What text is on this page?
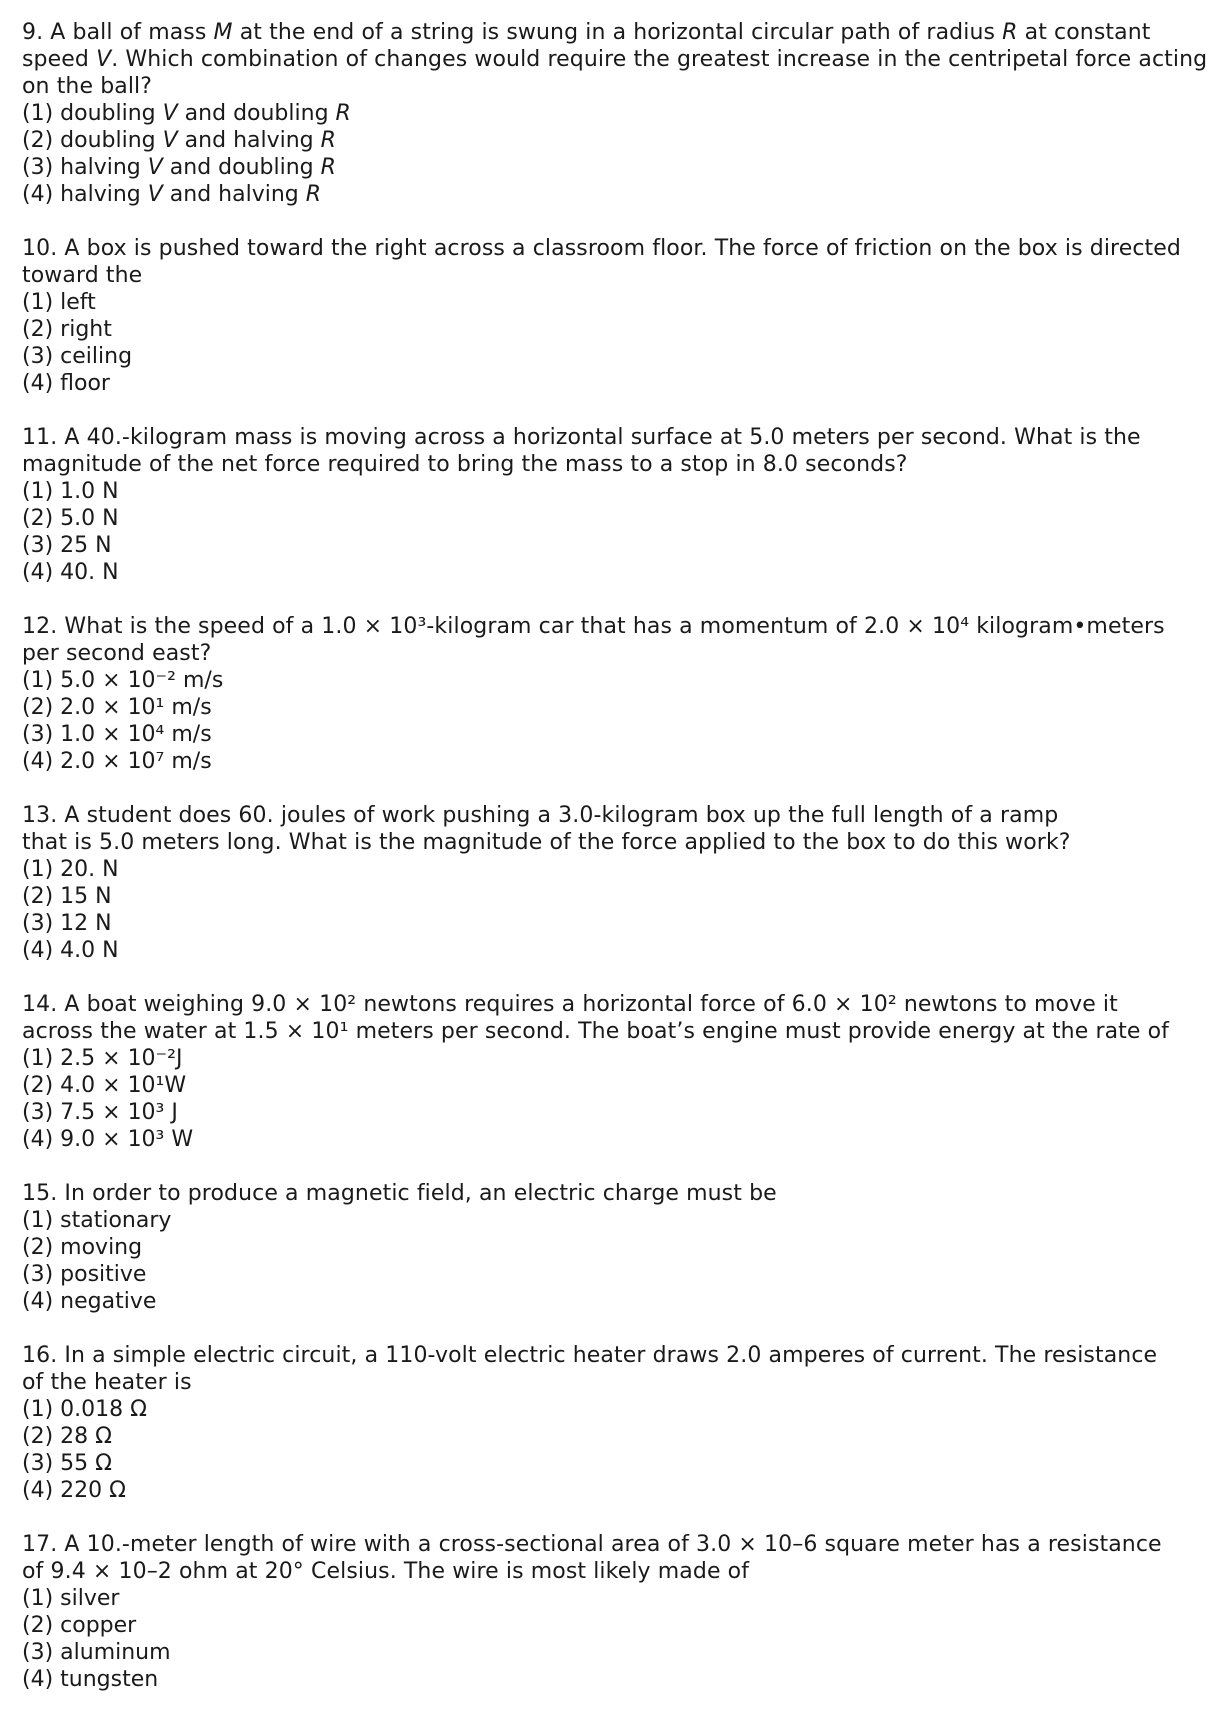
9. A ball of mass M at the end of a string is swung in a horizontal circular path of radius R at constant
speed V. Which combination of changes would require the greatest increase in the centripetal force acting
on the ball?
(1) doubling V and doubling R
(2) doubling V and halving R
(3) halving V and doubling R
(4) halving V and halving R
10. A box is pushed toward the right across a classroom floor. The force of friction on the box is directed
toward the
(1) left
(2) right
(3) ceiling
(4) floor
11. A 40.-kilogram mass is moving across a horizontal surface at 5.0 meters per second. What is the
magnitude of the net force required to bring the mass to a stop in 8.0 seconds?
(1) 1.0 N
(2) 5.0 N
(3) 25 N
(4) 40. N
12. What is the speed of a 1.0 × 10³-kilogram car that has a momentum of 2.0 × 10⁴ kilogram•meters
per second east?
(1) 5.0 × 10⁻² m/s
(2) 2.0 × 10¹ m/s
(3) 1.0 × 10⁴ m/s
(4) 2.0 × 10⁷ m/s
13. A student does 60. joules of work pushing a 3.0-kilogram box up the full length of a ramp
that is 5.0 meters long. What is the magnitude of the force applied to the box to do this work?
(1) 20. N
(2) 15 N
(3) 12 N
(4) 4.0 N
14. A boat weighing 9.0 × 10² newtons requires a horizontal force of 6.0 × 10² newtons to move it
across the water at 1.5 × 10¹ meters per second. The boat’s engine must provide energy at the rate of
(1) 2.5 × 10⁻²J
(2) 4.0 × 10¹W
(3) 7.5 × 10³ J
(4) 9.0 × 10³ W
15. In order to produce a magnetic field, an electric charge must be
(1) stationary
(2) moving
(3) positive
(4) negative
16. In a simple electric circuit, a 110-volt electric heater draws 2.0 amperes of current. The resistance
of the heater is
(1) 0.018 Ω
(2) 28 Ω
(3) 55 Ω
(4) 220 Ω
17. A 10.-meter length of wire with a cross-sectional area of 3.0 × 10–6 square meter has a resistance
of 9.4 × 10–2 ohm at 20° Celsius. The wire is most likely made of
(1) silver
(2) copper
(3) aluminum
(4) tungsten
